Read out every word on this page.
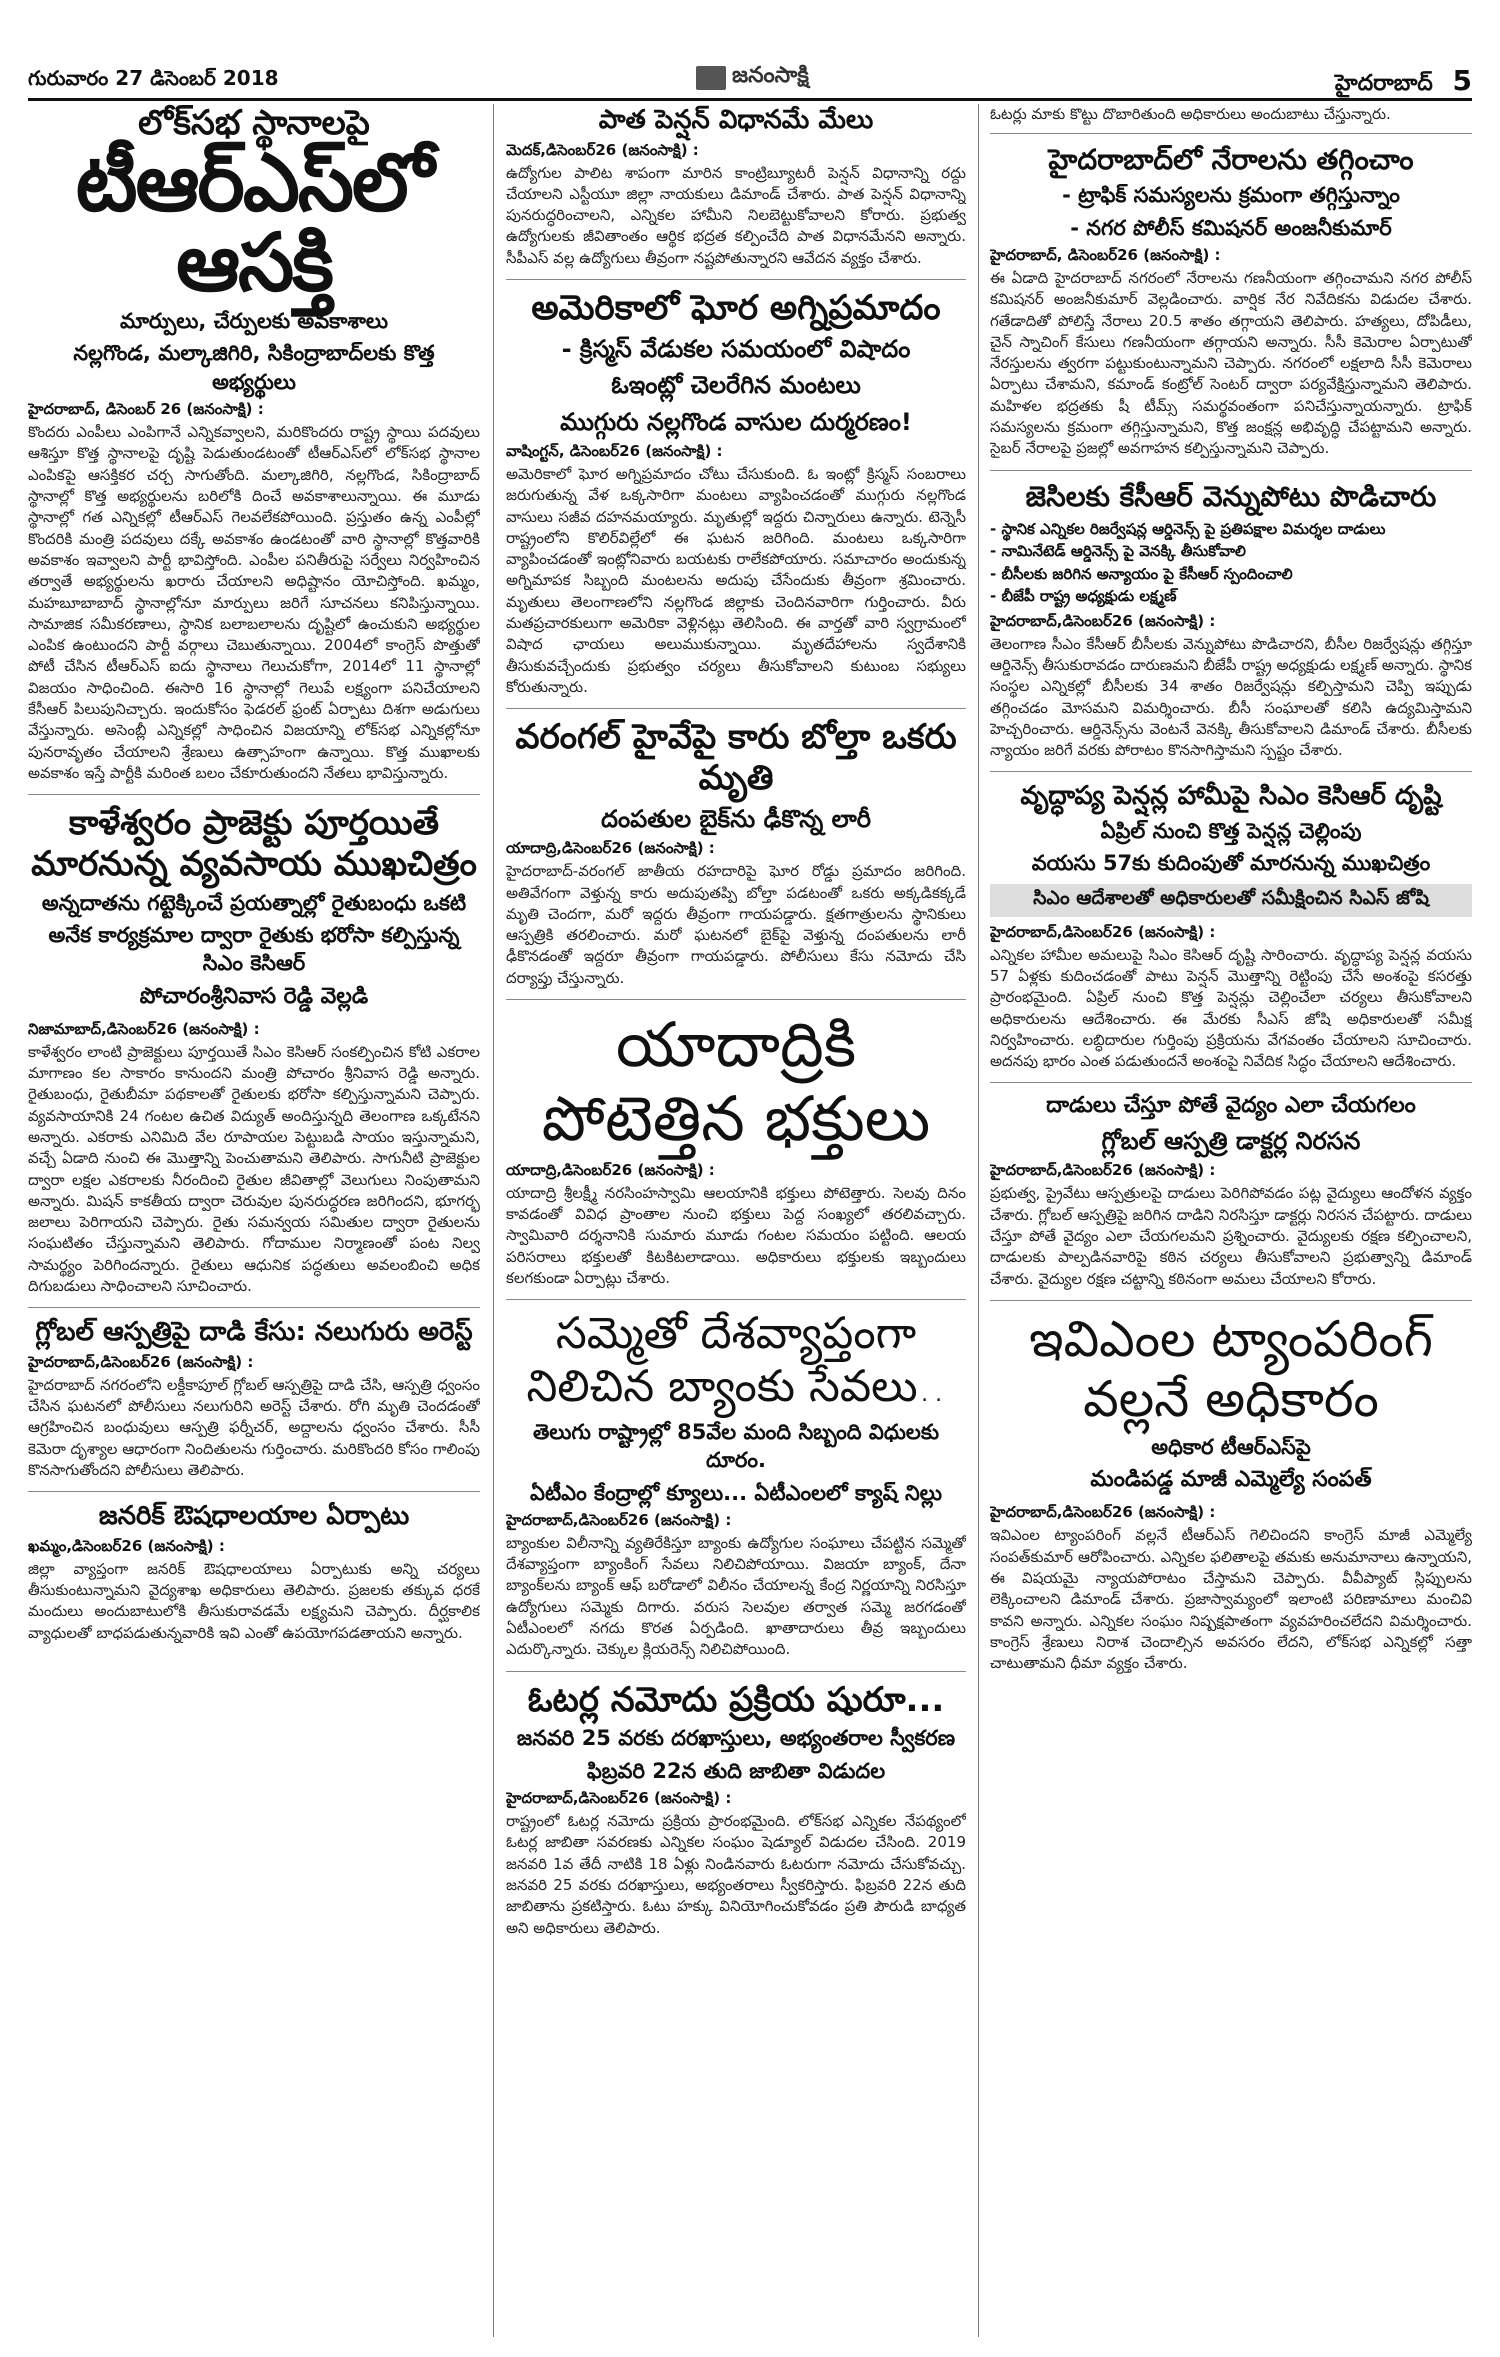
గురువారం 27 డిసెంబర్ 2018	జనంసాక్షి	హైదరాబాద్ 5
లోక్‌సభ స్థానాలపై
టీఆర్‌ఎస్‌లో ఆసక్తి
మార్పులు, చేర్పులకు అవకాశాలు
నల్లగొండ, మల్కాజిగిరి, సికింద్రాబాద్‌లకు కొత్త అభ్యర్థులు
హైదరాబాద్, డిసెంబర్ 26 (జనంసాక్షి) :

కొందరు ఎంపీలు ఎంపిగానే ఎన్నికవ్వాలని, మరికొందరు రాష్ట్ర స్థాయి పదవులు ఆశిస్తూ కొత్త స్థానాలపై దృష్టి పెడుతుండటంతో టీఆర్‌ఎస్‌లో లోక్‌సభ స్థానాల ఎంపికపై ఆసక్తికర చర్చ సాగుతోంది. మల్కాజిగిరి, నల్లగొండ, సికింద్రాబాద్ స్థానాల్లో కొత్త అభ్యర్థులను బరిలోకి దించే అవకాశాలున్నాయి. ఈ మూడు స్థానాల్లో గత ఎన్నికల్లో టీఆర్‌ఎస్ గెలవలేకపోయింది. ప్రస్తుతం ఉన్న ఎంపీల్లో కొందరికి మంత్రి పదవులు దక్కే అవకాశం ఉండటంతో వారి స్థానాల్లో కొత్తవారికి అవకాశం ఇవ్వాలని పార్టీ భావిస్తోంది. ఎంపీల పనితీరుపై సర్వేలు నిర్వహించిన తర్వాతే అభ్యర్థులను ఖరారు చేయాలని అధిష్టానం యోచిస్తోంది. ఖమ్మం, మహబూబాబాద్ స్థానాల్లోనూ మార్పులు జరిగే సూచనలు కనిపిస్తున్నాయి. సామాజిక సమీకరణాలు, స్థానిక బలాబలాలను దృష్టిలో ఉంచుకుని అభ్యర్థుల ఎంపిక ఉంటుందని పార్టీ వర్గాలు చెబుతున్నాయి. 2004లో కాంగ్రెస్ పొత్తుతో పోటీ చేసిన టీఆర్‌ఎస్ ఐదు స్థానాలు గెలుచుకోగా, 2014లో 11 స్థానాల్లో విజయం సాధించింది. ఈసారి 16 స్థానాల్లో గెలుపే లక్ష్యంగా పనిచేయాలని కేసీఆర్ పిలుపునిచ్చారు. ఇందుకోసం ఫెడరల్ ఫ్రంట్ ఏర్పాటు దిశగా అడుగులు వేస్తున్నారు. అసెంబ్లీ ఎన్నికల్లో సాధించిన విజయాన్ని లోక్‌సభ ఎన్నికల్లోనూ పునరావృతం చేయాలని శ్రేణులు ఉత్సాహంగా ఉన్నాయి. కొత్త ముఖాలకు అవకాశం ఇస్తే పార్టీకి మరింత బలం చేకూరుతుందని నేతలు భావిస్తున్నారు.

కాళేశ్వరం ప్రాజెక్టు పూర్తయితే మారనున్న వ్యవసాయ ముఖచిత్రం
అన్నదాతను గట్టెక్కించే ప్రయత్నాల్లో రైతుబంధు ఒకటి
అనేక కార్యక్రమాల ద్వారా రైతుకు భరోసా కల్పిస్తున్న సిఎం కెసిఆర్
పోచారం‌శ్రీనివాస రెడ్డి వెల్లడి
నిజామాబాద్,డిసెంబర్26 (జనంసాక్షి) :

కాళేశ్వరం లాంటి ప్రాజెక్టులు పూర్తయితే సిఎం కెసిఆర్ సంకల్పించిన కోటి ఎకరాల మాగాణం కల సాకారం కానుందని మంత్రి పోచారం శ్రీనివాస రెడ్డి అన్నారు. రైతుబంధు, రైతుబీమా పథకాలతో రైతులకు భరోసా కల్పిస్తున్నామని చెప్పారు. వ్యవసాయానికి 24 గంటల ఉచిత విద్యుత్ అందిస్తున్నది తెలంగాణ ఒక్కటేనని అన్నారు. ఎకరాకు ఎనిమిది వేల రూపాయల పెట్టుబడి సాయం ఇస్తున్నామని, వచ్చే ఏడాది నుంచి ఈ మొత్తాన్ని పెంచుతామని తెలిపారు. సాగునీటి ప్రాజెక్టుల ద్వారా లక్షల ఎకరాలకు నీరందించి రైతుల జీవితాల్లో వెలుగులు నింపుతామని అన్నారు. మిషన్ కాకతీయ ద్వారా చెరువుల పునరుద్ధరణ జరిగిందని, భూగర్భ జలాలు పెరిగాయని చెప్పారు. రైతు సమన్వయ సమితుల ద్వారా రైతులను సంఘటితం చేస్తున్నామని తెలిపారు. గోదాముల నిర్మాణంతో పంట నిల్వ సామర్థ్యం పెరిగిందన్నారు. రైతులు ఆధునిక పద్ధతులు అవలంబించి అధిక దిగుబడులు సాధించాలని సూచించారు.

గ్లోబల్ ఆస్పత్రిపై దాడి కేసు: నలుగురు అరెస్ట్
హైదరాబాద్,డిసెంబర్26 (జనంసాక్షి) :

హైదరాబాద్ నగరంలోని లక్డీకాపూల్ గ్లోబల్ ఆస్పత్రిపై దాడి చేసి, ఆస్పత్రి ధ్వంసం చేసిన ఘటనలో పోలీసులు నలుగురిని అరెస్ట్ చేశారు. రోగి మృతి చెందడంతో ఆగ్రహించిన బంధువులు ఆస్పత్రి ఫర్నీచర్, అద్దాలను ధ్వంసం చేశారు. సీసీ కెమెరా దృశ్యాల ఆధారంగా నిందితులను గుర్తించారు. మరికొందరి కోసం గాలింపు కొనసాగుతోందని పోలీసులు తెలిపారు.

జనరిక్ ఔషధాలయాల ఏర్పాటు
ఖమ్మం,డిసెంబర్26 (జనంసాక్షి) :

జిల్లా వ్యాప్తంగా జనరిక్ ఔషధాలయాలు ఏర్పాటుకు అన్ని చర్యలు తీసుకుంటున్నామని వైద్యశాఖ అధికారులు తెలిపారు. ప్రజలకు తక్కువ ధరకే మందులు అందుబాటులోకి తీసుకురావడమే లక్ష్యమని చెప్పారు. దీర్ఘకాలిక వ్యాధులతో బాధపడుతున్నవారికి ఇవి ఎంతో ఉపయోగపడతాయని అన్నారు.

పాత పెన్షన్ విధానమే మేలు
మెదక్,డిసెంబర్26 (జనంసాక్షి) :

ఉద్యోగుల పాలిట శాపంగా మారిన కాంట్రిబ్యూటరీ పెన్షన్ విధానాన్ని రద్దు చేయాలని ఎస్టీయూ జిల్లా నాయకులు డిమాండ్ చేశారు. పాత పెన్షన్ విధానాన్ని పునరుద్ధరించాలని, ఎన్నికల హామీని నిలబెట్టుకోవాలని కోరారు. ప్రభుత్వ ఉద్యోగులకు జీవితాంతం ఆర్థిక భద్రత కల్పించేది పాత విధానమేనని అన్నారు. సీపీఎస్ వల్ల ఉద్యోగులు తీవ్రంగా నష్టపోతున్నారని ఆవేదన వ్యక్తం చేశారు.

అమెరికాలో ఘోర అగ్నిప్రమాదం
- క్రిస్మస్ వేడుకల సమయంలో విషాదం
ఓఇంట్లో చెలరేగిన మంటలు
ముగ్గురు నల్లగొండ వాసుల దుర్మరణం!
వాషింగ్టన్, డిసెంబర్26 (జనంసాక్షి) :

అమెరికాలో ఘోర అగ్నిప్రమాదం చోటు చేసుకుంది. ఓ ఇంట్లో క్రిస్మస్ సంబరాలు జరుగుతున్న వేళ ఒక్కసారిగా మంటలు వ్యాపించడంతో ముగ్గురు నల్లగొండ వాసులు సజీవ దహనమయ్యారు. మృతుల్లో ఇద్దరు చిన్నారులు ఉన్నారు. టెన్నెసీ రాష్ట్రంలోని కొలిర్‌విల్లేలో ఈ ఘటన జరిగింది. మంటలు ఒక్కసారిగా వ్యాపించడంతో ఇంట్లోనివారు బయటకు రాలేకపోయారు. సమాచారం అందుకున్న అగ్నిమాపక సిబ్బంది మంటలను అదుపు చేసేందుకు తీవ్రంగా శ్రమించారు. మృతులు తెలంగాణలోని నల్లగొండ జిల్లాకు చెందినవారిగా గుర్తించారు. వీరు మతప్రచారకులుగా అమెరికా వెళ్లినట్లు తెలిసింది. ఈ వార్తతో వారి స్వగ్రామంలో విషాద ఛాయలు అలుముకున్నాయి. మృతదేహాలను స్వదేశానికి తీసుకువచ్చేందుకు ప్రభుత్వం చర్యలు తీసుకోవాలని కుటుంబ సభ్యులు కోరుతున్నారు.

వరంగల్ హైవేపై కారు బోల్తా ఒకరు మృతి
దంపతుల బైక్‌ను ఢీకొన్న లారీ
యాదాద్రి,డిసెంబర్26 (జనంసాక్షి) :

హైదరాబాద్-వరంగల్ జాతీయ రహదారిపై ఘోర రోడ్డు ప్రమాదం జరిగింది. అతివేగంగా వెళ్తున్న కారు అదుపుతప్పి బోల్తా పడటంతో ఒకరు అక్కడికక్కడే మృతి చెందగా, మరో ఇద్దరు తీవ్రంగా గాయపడ్డారు. క్షతగాత్రులను స్థానికులు ఆస్పత్రికి తరలించారు. మరో ఘటనలో బైక్‌పై వెళ్తున్న దంపతులను లారీ ఢీకొనడంతో ఇద్దరూ తీవ్రంగా గాయపడ్డారు. పోలీసులు కేసు నమోదు చేసి దర్యాప్తు చేస్తున్నారు.

యాదాద్రికి పోటెత్తిన భక్తులు
యాదాద్రి,డిసెంబర్26 (జనంసాక్షి) :

యాదాద్రి శ్రీలక్ష్మీ నరసింహస్వామి ఆలయానికి భక్తులు పోటెత్తారు. సెలవు దినం కావడంతో వివిధ ప్రాంతాల నుంచి భక్తులు పెద్ద సంఖ్యలో తరలివచ్చారు. స్వామివారి దర్శనానికి సుమారు మూడు గంటల సమయం పట్టింది. ఆలయ పరిసరాలు భక్తులతో కిటకిటలాడాయి. అధికారులు భక్తులకు ఇబ్బందులు కలగకుండా ఏర్పాట్లు చేశారు.

సమ్మెతో దేశవ్యాప్తంగా నిలిచిన బ్యాంకు సేవలు..
తెలుగు రాష్ట్రాల్లో 85వేల మంది సిబ్బంది విధులకు దూరం.
ఏటీఎం కేంద్రాల్లో క్యూలు... ఏటీఎంలలో క్యాష్ నిల్లు
హైదరాబాద్,డిసెంబర్26 (జనంసాక్షి) :

బ్యాంకుల విలీనాన్ని వ్యతిరేకిస్తూ బ్యాంకు ఉద్యోగుల సంఘాలు చేపట్టిన సమ్మెతో దేశవ్యాప్తంగా బ్యాంకింగ్ సేవలు నిలిచిపోయాయి. విజయా బ్యాంక్, దేనా బ్యాంక్‌లను బ్యాంక్ ఆఫ్ బరోడాలో విలీనం చేయాలన్న కేంద్ర నిర్ణయాన్ని నిరసిస్తూ ఉద్యోగులు సమ్మెకు దిగారు. వరుస సెలవుల తర్వాత సమ్మె జరగడంతో ఏటీఎంలలో నగదు కొరత ఏర్పడింది. ఖాతాదారులు తీవ్ర ఇబ్బందులు ఎదుర్కొన్నారు. చెక్కుల క్లియరెన్స్ నిలిచిపోయింది.

ఓటర్ల నమోదు ప్రక్రియ షురూ...
జనవరి 25 వరకు దరఖాస్తులు, అభ్యంతరాల స్వీకరణ
ఫిబ్రవరి 22న తుది జాబితా విడుదల
హైదరాబాద్,డిసెంబర్26 (జనంసాక్షి) :

రాష్ట్రంలో ఓటర్ల నమోదు ప్రక్రియ ప్రారంభమైంది. లోక్‌సభ ఎన్నికల నేపథ్యంలో ఓటర్ల జాబితా సవరణకు ఎన్నికల సంఘం షెడ్యూల్ విడుదల చేసింది. 2019 జనవరి 1వ తేదీ నాటికి 18 ఏళ్లు నిండినవారు ఓటరుగా నమోదు చేసుకోవచ్చు. జనవరి 25 వరకు దరఖాస్తులు, అభ్యంతరాలు స్వీకరిస్తారు. ఫిబ్రవరి 22న తుది జాబితాను ప్రకటిస్తారు. ఓటు హక్కు వినియోగించుకోవడం ప్రతి పౌరుడి బాధ్యత అని అధికారులు తెలిపారు.

ఓటర్లు మాకు కొట్టు దొబారితుంది అధికారులు అందుబాటు చేస్తున్నారు.

హైదరాబాద్‌లో నేరాలను తగ్గించాం
- ట్రాఫిక్ సమస్యలను క్రమంగా తగ్గిస్తున్నాం
- నగర పోలీస్ కమిషనర్ అంజనీకుమార్
హైదరాబాద్, డిసెంబర్26 (జనంసాక్షి) :

ఈ ఏడాది హైదరాబాద్ నగరంలో నేరాలను గణనీయంగా తగ్గించామని నగర పోలీస్ కమిషనర్ అంజనీకుమార్ వెల్లడించారు. వార్షిక నేర నివేదికను విడుదల చేశారు. గతేడాదితో పోలిస్తే నేరాలు 20.5 శాతం తగ్గాయని తెలిపారు. హత్యలు, దోపిడీలు, చైన్ స్నాచింగ్ కేసులు గణనీయంగా తగ్గాయని అన్నారు. సీసీ కెమెరాల ఏర్పాటుతో నేరస్తులను త్వరగా పట్టుకుంటున్నామని చెప్పారు. నగరంలో లక్షలాది సీసీ కెమెరాలు ఏర్పాటు చేశామని, కమాండ్ కంట్రోల్ సెంటర్ ద్వారా పర్యవేక్షిస్తున్నామని తెలిపారు. మహిళల భద్రతకు షీ టీమ్స్ సమర్థవంతంగా పనిచేస్తున్నాయన్నారు. ట్రాఫిక్ సమస్యలను క్రమంగా తగ్గిస్తున్నామని, కొత్త జంక్షన్ల అభివృద్ధి చేపట్టామని అన్నారు. సైబర్ నేరాలపై ప్రజల్లో అవగాహన కల్పిస్తున్నామని చెప్పారు.

జెసిలకు కేసీఆర్ వెన్నుపోటు పొడిచారు
- స్థానిక ఎన్నికల రిజర్వేషన్ల ఆర్డినెన్స్ పై ప్రతిపక్షాల విమర్శల దాడులు
- నామినేటెడ్ ఆర్డినెన్స్ పై వెనక్కి తీసుకోవాలి
- బీసీలకు జరిగిన అన్యాయం పై కేసీఆర్ స్పందించాలి
- బీజేపీ రాష్ట్ర అధ్యక్షుడు లక్ష్మణ్
హైదరాబాద్,డిసెంబర్26 (జనంసాక్షి) :

తెలంగాణ సీఎం కేసీఆర్ బీసీలకు వెన్నుపోటు పొడిచారని, బీసీల రిజర్వేషన్లు తగ్గిస్తూ ఆర్డినెన్స్ తీసుకురావడం దారుణమని బీజేపీ రాష్ట్ర అధ్యక్షుడు లక్ష్మణ్ అన్నారు. స్థానిక సంస్థల ఎన్నికల్లో బీసీలకు 34 శాతం రిజర్వేషన్లు కల్పిస్తామని చెప్పి ఇప్పుడు తగ్గించడం మోసమని విమర్శించారు. బీసీ సంఘాలతో కలిసి ఉద్యమిస్తామని హెచ్చరించారు. ఆర్డినెన్స్‌ను వెంటనే వెనక్కి తీసుకోవాలని డిమాండ్ చేశారు. బీసీలకు న్యాయం జరిగే వరకు పోరాటం కొనసాగిస్తామని స్పష్టం చేశారు.

వృద్ధాప్య పెన్షన్ల హామీపై సిఎం కెసిఆర్ దృష్టి
ఏప్రిల్ నుంచి కొత్త పెన్షన్ల చెల్లింపు
వయసు 57కు కుదింపుతో మారనున్న ముఖచిత్రం
సిఎం ఆదేశాలతో అధికారులతో సమీక్షించిన సిఎస్ జోషి
హైదరాబాద్,డిసెంబర్26 (జనంసాక్షి) :

ఎన్నికల హామీల అమలుపై సిఎం కెసిఆర్ దృష్టి సారించారు. వృద్ధాప్య పెన్షన్ల వయసు 57 ఏళ్లకు కుదించడంతో పాటు పెన్షన్ మొత్తాన్ని రెట్టింపు చేసే అంశంపై కసరత్తు ప్రారంభమైంది. ఏప్రిల్ నుంచి కొత్త పెన్షన్లు చెల్లించేలా చర్యలు తీసుకోవాలని అధికారులను ఆదేశించారు. ఈ మేరకు సీఎస్ జోషి అధికారులతో సమీక్ష నిర్వహించారు. లబ్ధిదారుల గుర్తింపు ప్రక్రియను వేగవంతం చేయాలని సూచించారు. అదనపు భారం ఎంత పడుతుందనే అంశంపై నివేదిక సిద్ధం చేయాలని ఆదేశించారు.

దాడులు చేస్తూ పోతే వైద్యం ఎలా చేయగలం
గ్లోబల్ ఆస్పత్రి డాక్టర్ల నిరసన
హైదరాబాద్,డిసెంబర్26 (జనంసాక్షి) :

ప్రభుత్వ, ప్రైవేటు ఆస్పత్రులపై దాడులు పెరిగిపోవడం పట్ల వైద్యులు ఆందోళన వ్యక్తం చేశారు. గ్లోబల్ ఆస్పత్రిపై జరిగిన దాడిని నిరసిస్తూ డాక్టర్లు నిరసన చేపట్టారు. దాడులు చేస్తూ పోతే వైద్యం ఎలా చేయగలమని ప్రశ్నించారు. వైద్యులకు రక్షణ కల్పించాలని, దాడులకు పాల్పడినవారిపై కఠిన చర్యలు తీసుకోవాలని ప్రభుత్వాన్ని డిమాండ్ చేశారు. వైద్యుల రక్షణ చట్టాన్ని కఠినంగా అమలు చేయాలని కోరారు.

ఇవిఎంల ట్యాంపరింగ్ వల్లనే అధికారం
అధికార టీఆర్‌ఎస్‌పై
మండిపడ్డ మాజీ ఎమ్మెల్యే సంపత్
హైదరాబాద్,డిసెంబర్26 (జనంసాక్షి) :

ఇవిఎంల ట్యాంపరింగ్ వల్లనే టీఆర్‌ఎస్ గెలిచిందని కాంగ్రెస్ మాజీ ఎమ్మెల్యే సంపత్‌కుమార్ ఆరోపించారు. ఎన్నికల ఫలితాలపై తమకు అనుమానాలు ఉన్నాయని, ఈ విషయమై న్యాయపోరాటం చేస్తామని చెప్పారు. వీవీప్యాట్ స్లిప్పులను లెక్కించాలని డిమాండ్ చేశారు. ప్రజాస్వామ్యంలో ఇలాంటి పరిణామాలు మంచివి కావని అన్నారు. ఎన్నికల సంఘం నిష్పక్షపాతంగా వ్యవహరించలేదని విమర్శించారు. కాంగ్రెస్ శ్రేణులు నిరాశ చెందాల్సిన అవసరం లేదని, లోక్‌సభ ఎన్నికల్లో సత్తా చాటుతామని ధీమా వ్యక్తం చేశారు.
